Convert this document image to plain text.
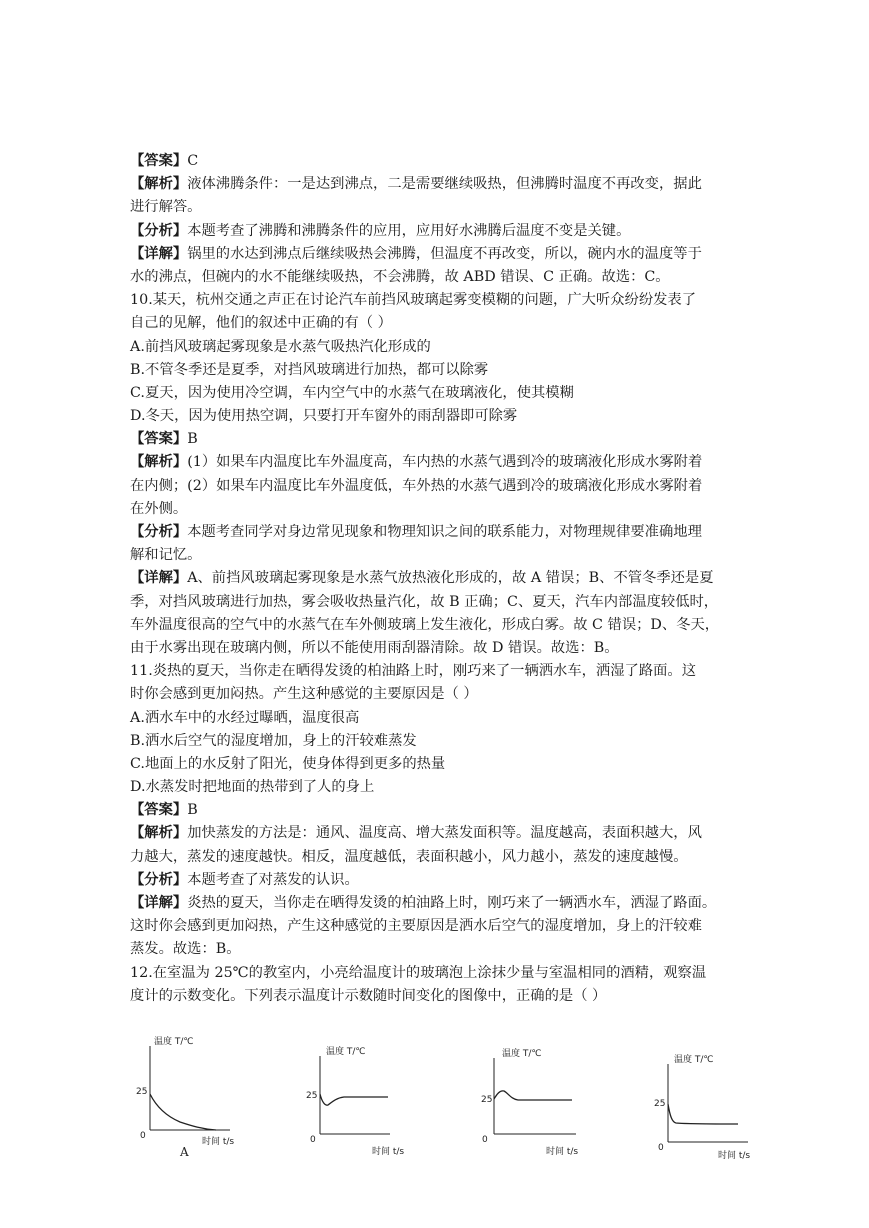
【答案】C
【解析】液体沸腾条件：一是达到沸点，二是需要继续吸热，但沸腾时温度不再改变，据此
进行解答。
【分析】本题考查了沸腾和沸腾条件的应用，应用好水沸腾后温度不变是关键。
【详解】锅里的水达到沸点后继续吸热会沸腾，但温度不再改变，所以，碗内水的温度等于
水的沸点，但碗内的水不能继续吸热，不会沸腾，故 ABD 错误、C 正确。故选：C。
10.某天，杭州交通之声正在讨论汽车前挡风玻璃起雾变模糊的问题，广大听众纷纷发表了
自己的见解，他们的叙述中正确的有（ ）
A.前挡风玻璃起雾现象是水蒸气吸热汽化形成的
B.不管冬季还是夏季，对挡风玻璃进行加热，都可以除雾
C.夏天，因为使用冷空调，车内空气中的水蒸气在玻璃液化，使其模糊
D.冬天，因为使用热空调，只要打开车窗外的雨刮器即可除雾
【答案】B
【解析】(1）如果车内温度比车外温度高，车内热的水蒸气遇到冷的玻璃液化形成水雾附着
在内侧；(2）如果车内温度比车外温度低，车外热的水蒸气遇到冷的玻璃液化形成水雾附着
在外侧。
【分析】本题考查同学对身边常见现象和物理知识之间的联系能力，对物理规律要准确地理
解和记忆。
【详解】A、前挡风玻璃起雾现象是水蒸气放热液化形成的，故 A 错误；B、不管冬季还是夏
季，对挡风玻璃进行加热，雾会吸收热量汽化，故 B 正确；C、夏天，汽车内部温度较低时，
车外温度很高的空气中的水蒸气在车外侧玻璃上发生液化，形成白雾。故 C 错误；D、冬天，
由于水雾出现在玻璃内侧，所以不能使用雨刮器清除。故 D 错误。故选：B。
11.炎热的夏天，当你走在晒得发烫的柏油路上时，刚巧来了一辆洒水车，洒湿了路面。这
时你会感到更加闷热。产生这种感觉的主要原因是（ ）
A.洒水车中的水经过曝晒，温度很高
B.洒水后空气的湿度增加，身上的汗较难蒸发
C.地面上的水反射了阳光，使身体得到更多的热量
D.水蒸发时把地面的热带到了人的身上
【答案】B
【解析】加快蒸发的方法是：通风、温度高、增大蒸发面积等。温度越高，表面积越大，风
力越大，蒸发的速度越快。相反，温度越低，表面积越小，风力越小，蒸发的速度越慢。
【分析】本题考查了对蒸发的认识。
【详解】炎热的夏天，当你走在晒得发烫的柏油路上时，刚巧来了一辆洒水车，洒湿了路面。
这时你会感到更加闷热，产生这种感觉的主要原因是洒水后空气的湿度增加，身上的汗较难
蒸发。故选：B。
12.在室温为 25℃的教室内，小亮给温度计的玻璃泡上涂抹少量与室温相同的酒精，观察温
度计的示数变化。下列表示温度计示数随时间变化的图像中，正确的是（ ）
温度 T/℃
25
0
时间 t/s
A
温度 T/℃
25
0
时间 t/s
温度 T/℃
25
0
时间 t/s
温度 T/℃
25
0
时间 t/s
